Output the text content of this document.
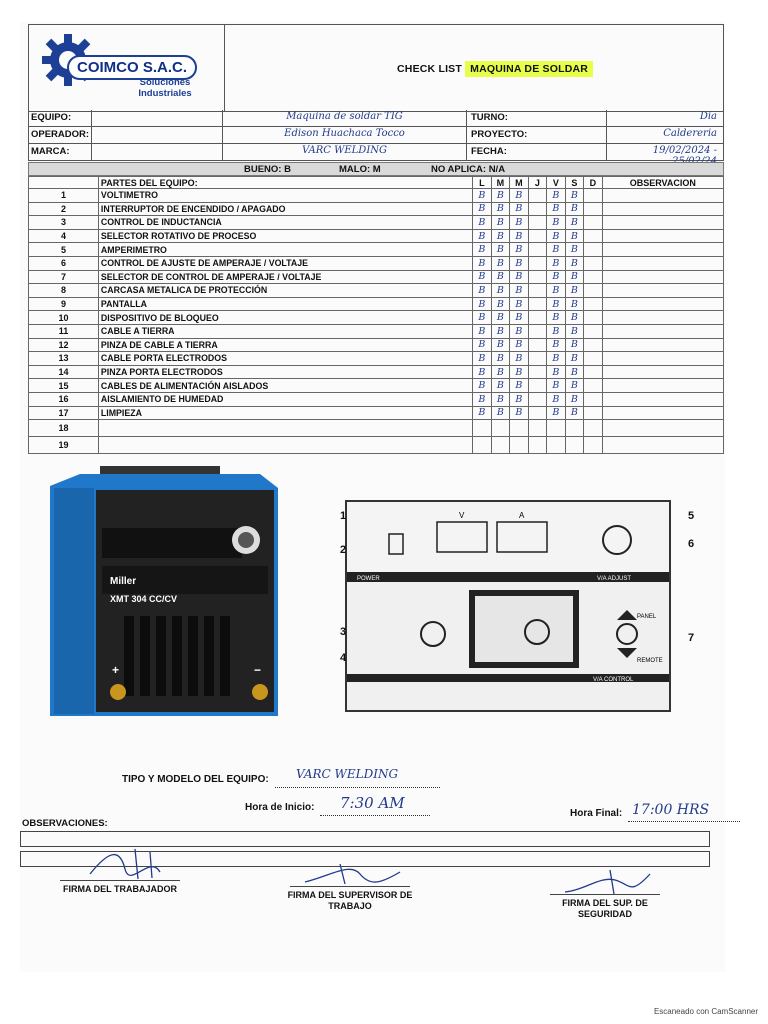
COIMCO S.A.C.
Soluciones Industriales
CHECK LIST MAQUINA DE SOLDAR
EQUIPO:	Maquina de soldar TIG	TURNO:	Dia
OPERADOR:	Edison Huachaca Tocco	PROYECTO:	Caldereria
MARCA:	VARC WELDING	FECHA:	19/02/2024 -
BUENO: B	MALO: M	NO APLICA: N/A
	PARTES DEL EQUIPO:	L	M	M	J	V	S	D	OBSERVACION
1	VOLTIMETRO	B	B	B		B	B		
2	INTERRUPTOR DE ENCENDIDO / APAGADO	B	B	B		B	B		
3	CONTROL DE INDUCTANCIA	B	B	B		B	B		
4	SELECTOR ROTATIVO DE PROCESO	B	B	B		B	B		
5	AMPERIMETRO	B	B	B		B	B		
6	CONTROL DE AJUSTE DE AMPERAJE / VOLTAJE	B	B	B		B	B		
7	SELECTOR DE CONTROL DE AMPERAJE / VOLTAJE	B	B	B		B	B		
8	CARCASA METALICA DE PROTECCIÓN	B	B	B		B	B		
9	PANTALLA	B	B	B		B	B		
10	DISPOSITIVO DE BLOQUEO	B	B	B		B	B		
11	CABLE A TIERRA	B	B	B		B	B		
12	PINZA DE CABLE A TIERRA	B	B	B		B	B		
13	CABLE PORTA ELECTRODOS	B	B	B		B	B		
14	PINZA PORTA ELECTRODOS	B	B	B		B	B		
15	CABLES DE ALIMENTACIÓN AISLADOS	B	B	B		B	B		
16	AISLAMIENTO DE HUMEDAD	B	B	B		B	B		
17	LIMPIEZA	B	B	B		B	B		
18									
19									
Miller
XMT 304 CC/CV
+	−
V	A
POWER	V/A ADJUST
PANEL
REMOTE
V/A CONTROL
1
2
3
4
5
6
7
TIPO Y MODELO DEL EQUIPO: VARC WELDING
Hora de Inicio: 7:30 AM
Hora Final: 17:00 HRS
OBSERVACIONES:
FIRMA DEL TRABAJADOR
FIRMA DEL SUPERVISOR DE TRABAJO	FIRMA DEL SUP. DE SEGURIDAD
Escaneado con CamScanner
